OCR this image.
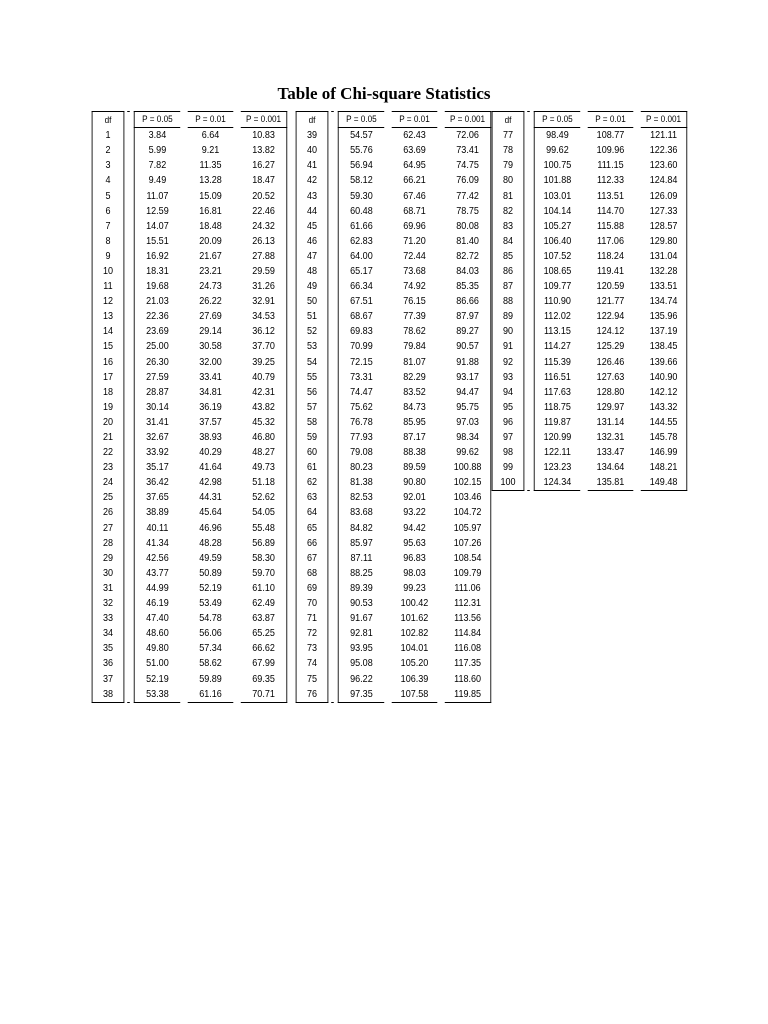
Table of Chi-square Statistics
df		P = 0.05	P = 0.01	P = 0.001
1		3.84	6.64	10.83
2		5.99	9.21	13.82
3		7.82	11.35	16.27
4		9.49	13.28	18.47
5		11.07	15.09	20.52
6		12.59	16.81	22.46
7		14.07	18.48	24.32
8		15.51	20.09	26.13
9		16.92	21.67	27.88
10		18.31	23.21	29.59
11		19.68	24.73	31.26
12		21.03	26.22	32.91
13		22.36	27.69	34.53
14		23.69	29.14	36.12
15		25.00	30.58	37.70
16		26.30	32.00	39.25
17		27.59	33.41	40.79
18		28.87	34.81	42.31
19		30.14	36.19	43.82
20		31.41	37.57	45.32
21		32.67	38.93	46.80
22		33.92	40.29	48.27
23		35.17	41.64	49.73
24		36.42	42.98	51.18
25		37.65	44.31	52.62
26		38.89	45.64	54.05
27		40.11	46.96	55.48
28		41.34	48.28	56.89
29		42.56	49.59	58.30
30		43.77	50.89	59.70
31		44.99	52.19	61.10
32		46.19	53.49	62.49
33		47.40	54.78	63.87
34		48.60	56.06	65.25
35		49.80	57.34	66.62
36		51.00	58.62	67.99
37		52.19	59.89	69.35
38		53.38	61.16	70.71
df		P = 0.05	P = 0.01	P = 0.001
39		54.57	62.43	72.06
40		55.76	63.69	73.41
41		56.94	64.95	74.75
42		58.12	66.21	76.09
43		59.30	67.46	77.42
44		60.48	68.71	78.75
45		61.66	69.96	80.08
46		62.83	71.20	81.40
47		64.00	72.44	82.72
48		65.17	73.68	84.03
49		66.34	74.92	85.35
50		67.51	76.15	86.66
51		68.67	77.39	87.97
52		69.83	78.62	89.27
53		70.99	79.84	90.57
54		72.15	81.07	91.88
55		73.31	82.29	93.17
56		74.47	83.52	94.47
57		75.62	84.73	95.75
58		76.78	85.95	97.03
59		77.93	87.17	98.34
60		79.08	88.38	99.62
61		80.23	89.59	100.88
62		81.38	90.80	102.15
63		82.53	92.01	103.46
64		83.68	93.22	104.72
65		84.82	94.42	105.97
66		85.97	95.63	107.26
67		87.11	96.83	108.54
68		88.25	98.03	109.79
69		89.39	99.23	111.06
70		90.53	100.42	112.31
71		91.67	101.62	113.56
72		92.81	102.82	114.84
73		93.95	104.01	116.08
74		95.08	105.20	117.35
75		96.22	106.39	118.60
76		97.35	107.58	119.85
df		P = 0.05	P = 0.01	P = 0.001
77		98.49	108.77	121.11
78		99.62	109.96	122.36
79		100.75	111.15	123.60
80		101.88	112.33	124.84
81		103.01	113.51	126.09
82		104.14	114.70	127.33
83		105.27	115.88	128.57
84		106.40	117.06	129.80
85		107.52	118.24	131.04
86		108.65	119.41	132.28
87		109.77	120.59	133.51
88		110.90	121.77	134.74
89		112.02	122.94	135.96
90		113.15	124.12	137.19
91		114.27	125.29	138.45
92		115.39	126.46	139.66
93		116.51	127.63	140.90
94		117.63	128.80	142.12
95		118.75	129.97	143.32
96		119.87	131.14	144.55
97		120.99	132.31	145.78
98		122.11	133.47	146.99
99		123.23	134.64	148.21
100		124.34	135.81	149.48
